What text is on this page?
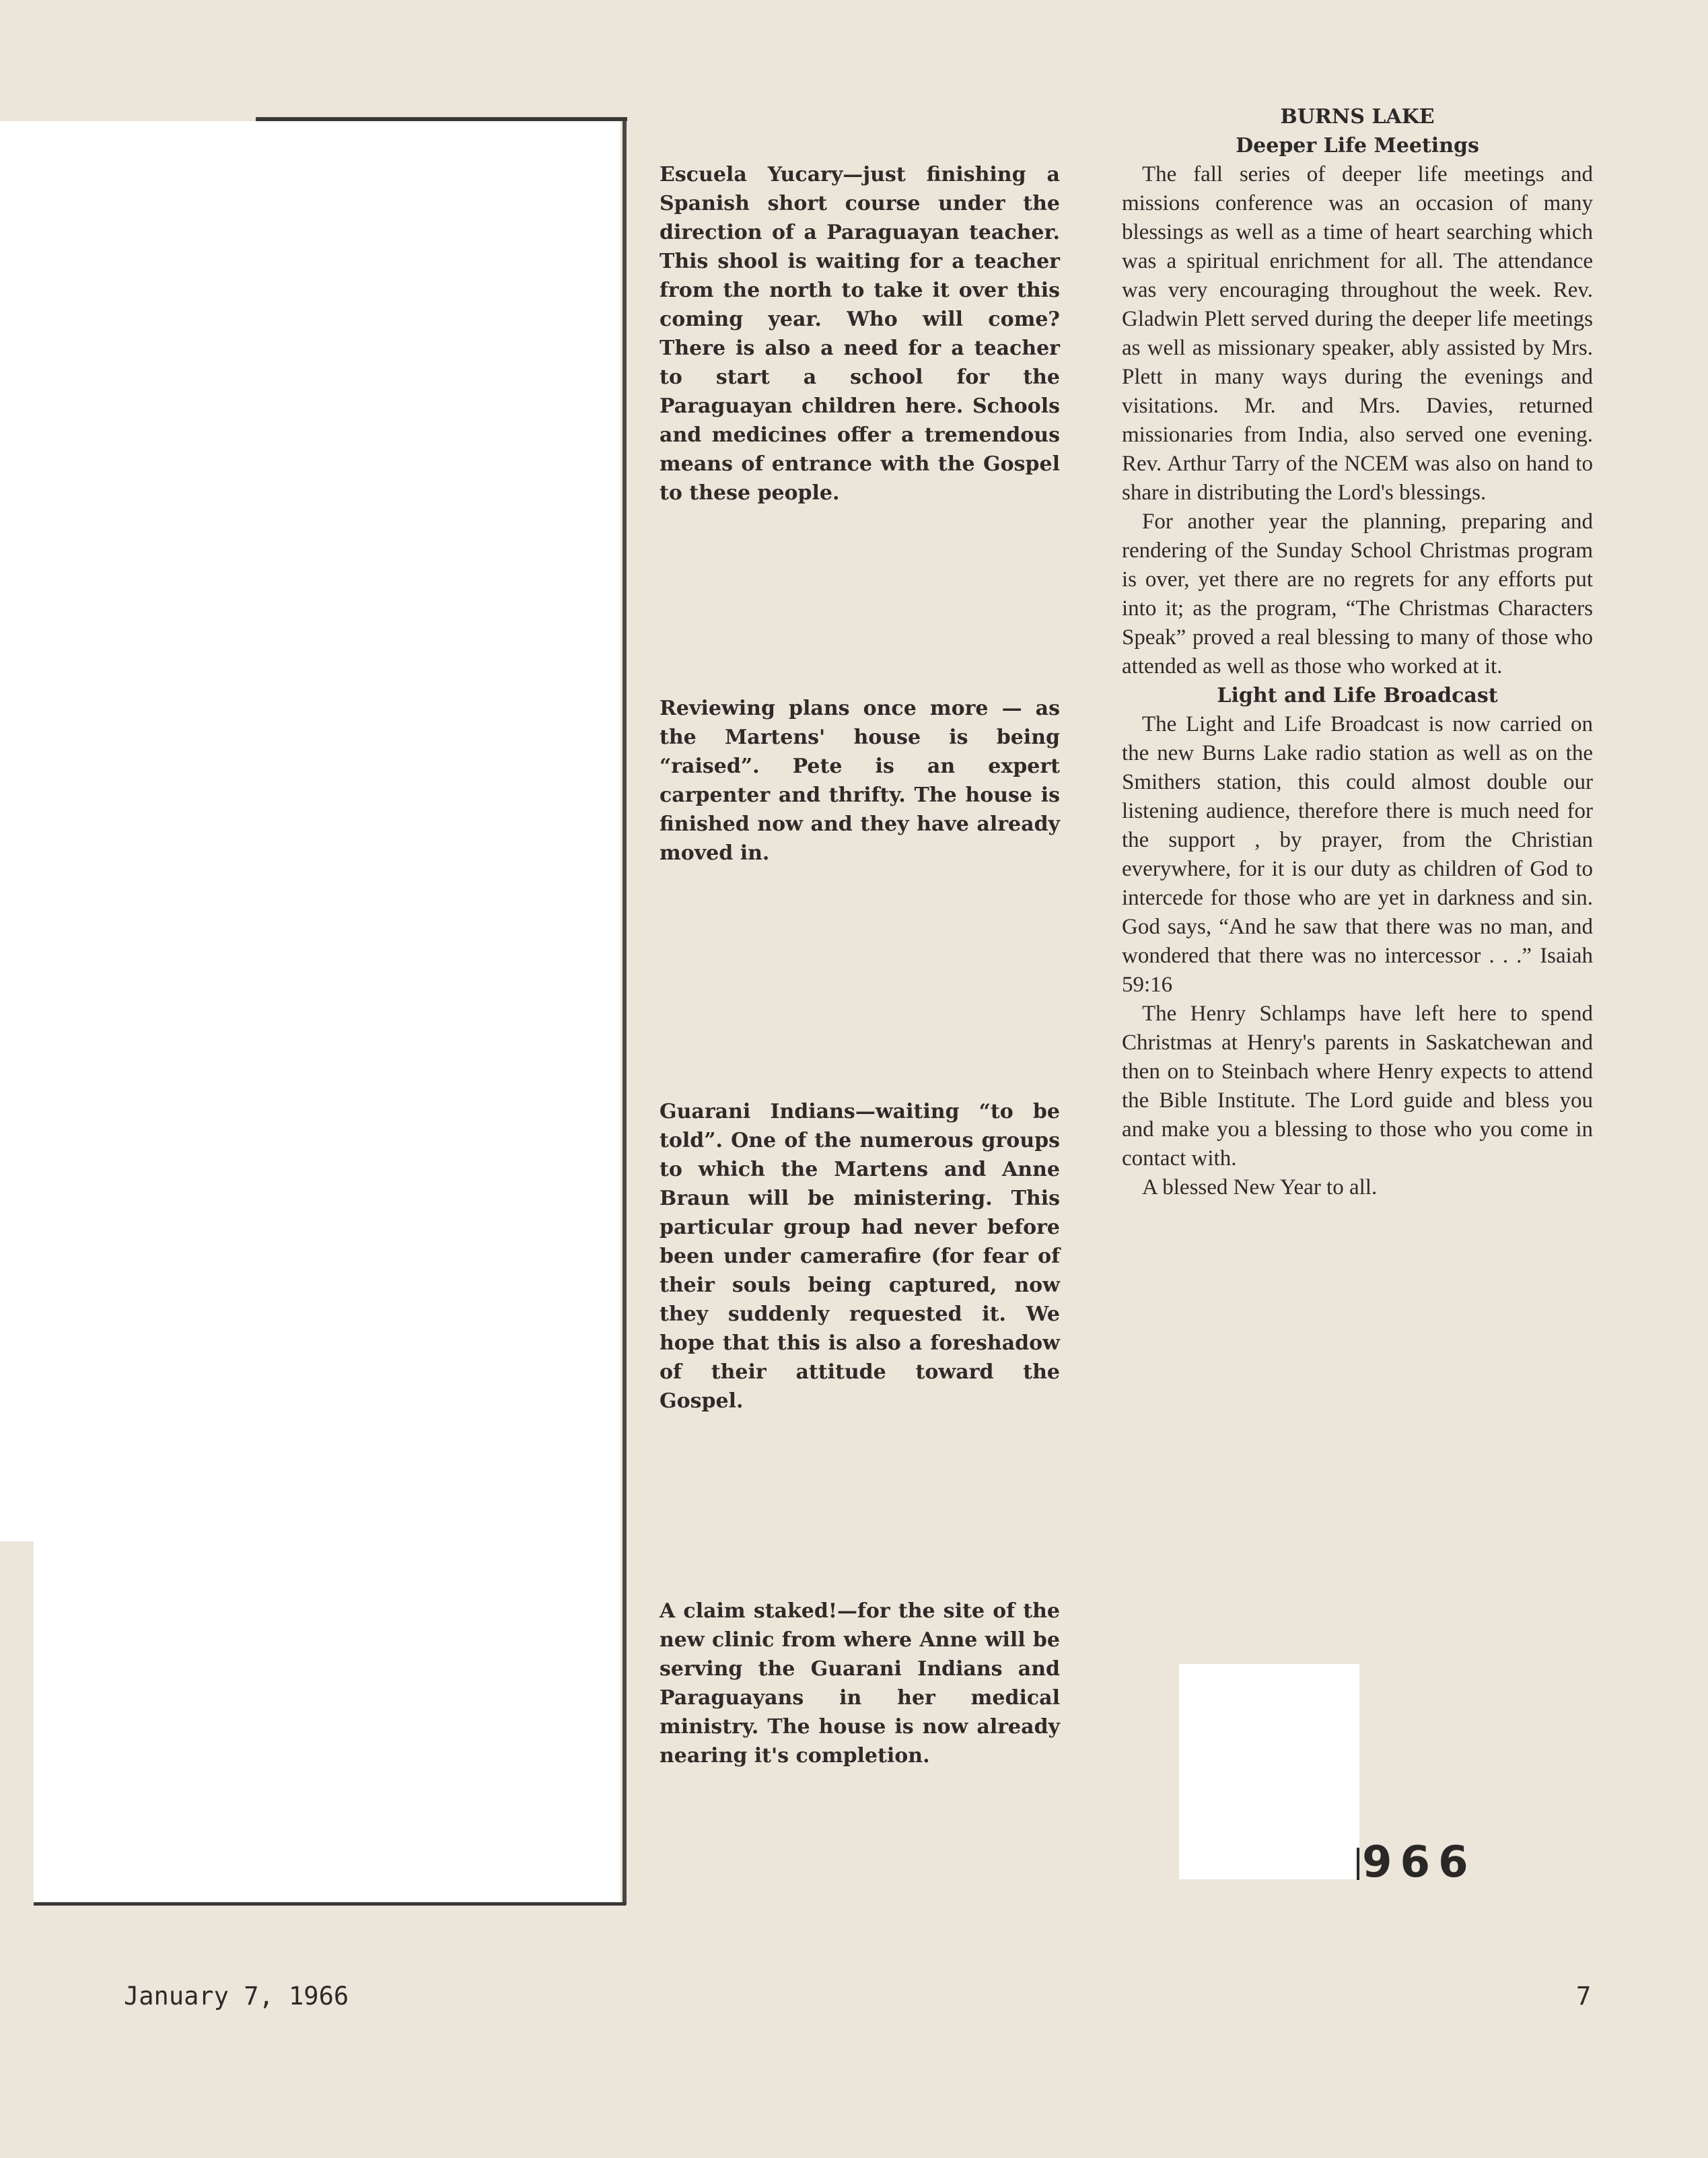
Escuela Yucary—just finishing a Spanish short course under the direction of a Paraguayan teacher. This shool is waiting for a teacher from the north to take it over this coming year. Who will come? There is also a need for a teacher to start a school for the Paraguayan children here. Schools and medicines offer a tremendous means of entrance with the Gospel to these people.
Reviewing plans once more — as the Martens' house is being “raised”. Pete is an expert carpenter and thrifty. The house is finished now and they have already moved in.
Guarani Indians—waiting “to be told”. One of the numerous groups to which the Martens and Anne Braun will be ministering. This particular group had never before been under camerafire (for fear of their souls being captured, now they suddenly requested it. We hope that this is also a foreshadow of their attitude toward the Gospel.
A claim staked!—for the site of the new clinic from where Anne will be serving the Guarani Indians and Paraguayans in her medical ministry. The house is now already nearing it's completion.
BURNS LAKE
Deeper Life Meetings

The fall series of deeper life meetings and missions conference was an occasion of many blessings as well as a time of heart searching which was a spiritual enrichment for all. The attendance was very encouraging throughout the week. Rev. Gladwin Plett served during the deeper life meetings as well as missionary speaker, ably assisted by Mrs. Plett in many ways during the evenings and visitations. Mr. and Mrs. Davies, returned missionaries from India, also served one evening. Rev. Arthur Tarry of the NCEM was also on hand to share in distributing the Lord's blessings.

For another year the planning, preparing and rendering of the Sunday School Christmas program is over, yet there are no regrets for any efforts put into it; as the program, “The Christmas Characters Speak” proved a real blessing to many of those who attended as well as those who worked at it.

Light and Life Broadcast

The Light and Life Broadcast is now carried on the new Burns Lake radio station as well as on the Smithers station, this could almost double our listening audience, therefore there is much need for the support , by prayer, from the Christian everywhere, for it is our duty as children of God to intercede for those who are yet in darkness and sin. God says, “And he saw that there was no man, and wondered that there was no intercessor . . .” Isaiah 59:16

The Henry Schlamps have left here to spend Christmas at Henry's parents in Saskatchewan and then on to Steinbach where Henry expects to attend the Bible Institute. The Lord guide and bless you and make you a blessing to those who you come in contact with.

A blessed New Year to all.

966
January 7, 1966	7
